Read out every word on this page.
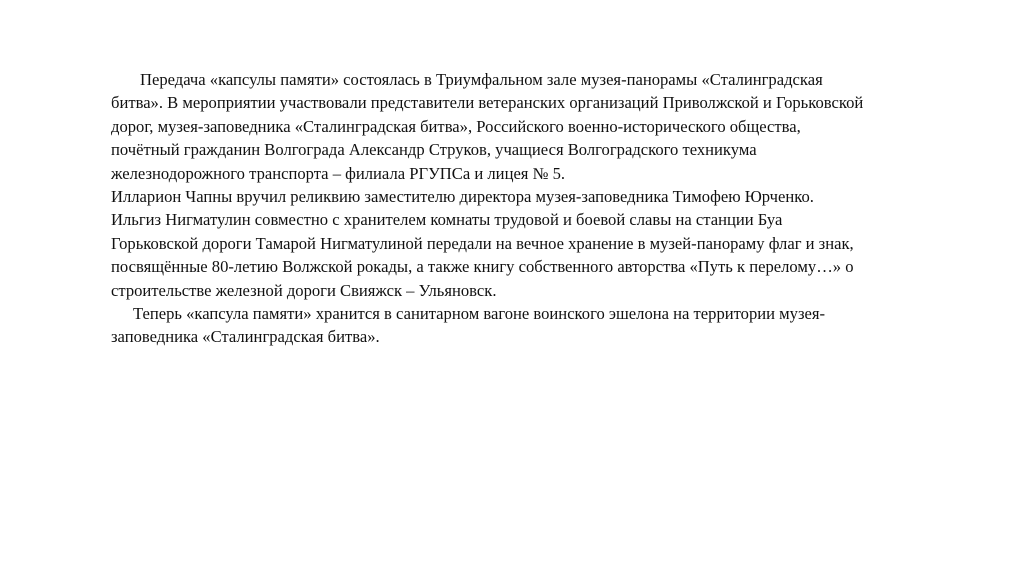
Передача «капсулы памяти» состоялась в Триумфальном зале музея-панорамы «Сталинградская
битва». В мероприятии участвовали представители ветеранских организаций Приволжской и Горьковской
дорог, музея-заповедника «Сталинградская битва», Российского военно-исторического общества,
почётный гражданин Волгограда Александр Струков, учащиеся Волгоградского техникума
железнодорожного транспорта – филиала РГУПСа и лицея № 5.
Илларион Чапны вручил реликвию заместителю директора музея-заповедника Тимофею Юрченко.
Ильгиз Нигматулин совместно с хранителем комнаты трудовой и боевой славы на станции Буа
Горьковской дороги Тамарой Нигматулиной передали на вечное хранение в музей-панораму флаг и знак,
посвящённые 80-летию Волжской рокады, а также книгу собственного авторства «Путь к перелому…» о
строительстве железной дороги Свияжск – Ульяновск.
Теперь «капсула памяти» хранится в санитарном вагоне воинского эшелона на территории музея-
заповедника «Сталинградская битва».
